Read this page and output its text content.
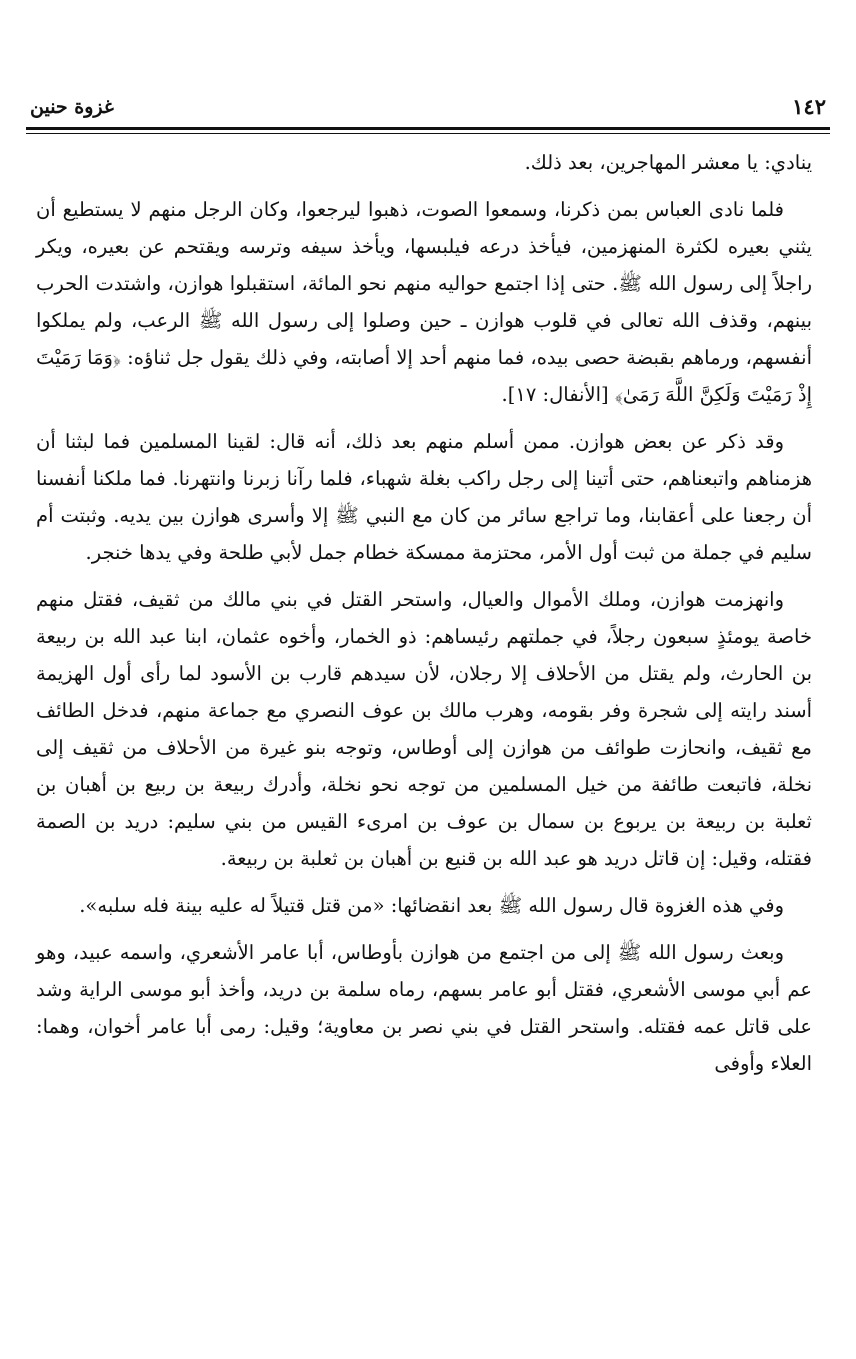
١٤٢
غزوة حنين

ينادي: يا معشر المهاجرين، بعد ذلك.

فلما نادى العباس بمن ذكرنا، وسمعوا الصوت، ذهبوا ليرجعوا، وكان الرجل منهم لا يستطيع أن يثني بعيره لكثرة المنهزمين، فيأخذ درعه فيلبسها، ويأخذ سيفه وترسه ويقتحم عن بعيره، ويكر راجلاً إلى رسول الله ﷺ. حتى إذا اجتمع حواليه منهم نحو المائة، استقبلوا هوازن، واشتدت الحرب بينهم، وقذف الله تعالى في قلوب هوازن ـ حين وصلوا إلى رسول الله ﷺ الرعب، ولم يملكوا أنفسهم، ورماهم بقبضة حصى بيده، فما منهم أحد إلا أصابته، وفي ذلك يقول جل ثناؤه: ﴿وَمَا رَمَيْتَ إِذْ رَمَيْتَ وَلَكِنَّ اللَّهَ رَمَىٰ﴾ [الأنفال: ١٧].

وقد ذكر عن بعض هوازن. ممن أسلم منهم بعد ذلك، أنه قال: لقينا المسلمين فما لبثنا أن هزمناهم واتبعناهم، حتى أتينا إلى رجل راكب بغلة شهباء، فلما رآنا زبرنا وانتهرنا. فما ملكنا أنفسنا أن رجعنا على أعقابنا، وما تراجع سائر من كان مع النبي ﷺ إلا وأسرى هوازن بين يديه. وثبتت أم سليم في جملة من ثبت أول الأمر، محتزمة ممسكة خطام جمل لأبي طلحة وفي يدها خنجر.

وانهزمت هوازن، وملك الأموال والعيال، واستحر القتل في بني مالك من ثقيف، فقتل منهم خاصة يومئذٍ سبعون رجلاً، في جملتهم رئيساهم: ذو الخمار، وأخوه عثمان، ابنا عبد الله بن ربيعة بن الحارث، ولم يقتل من الأحلاف إلا رجلان، لأن سيدهم قارب بن الأسود لما رأى أول الهزيمة أسند رايته إلى شجرة وفر بقومه، وهرب مالك بن عوف النصري مع جماعة منهم، فدخل الطائف مع ثقيف، وانحازت طوائف من هوازن إلى أوطاس، وتوجه بنو غيرة من الأحلاف من ثقيف إلى نخلة، فاتبعت طائفة من خيل المسلمين من توجه نحو نخلة، وأدرك ربيعة بن ربيع بن أهبان بن ثعلبة بن ربيعة بن يربوع بن سمال بن عوف بن امرىء القيس من بني سليم: دريد بن الصمة فقتله، وقيل: إن قاتل دريد هو عبد الله بن قنيع بن أهبان بن ثعلبة بن ربيعة.

وفي هذه الغزوة قال رسول الله ﷺ بعد انقضائها: «من قتل قتيلاً له عليه بينة فله سلبه».

وبعث رسول الله ﷺ إلى من اجتمع من هوازن بأوطاس، أبا عامر الأشعري، واسمه عبيد، وهو عم أبي موسى الأشعري، فقتل أبو عامر بسهم، رماه سلمة بن دريد، وأخذ أبو موسى الراية وشد على قاتل عمه فقتله. واستحر القتل في بني نصر بن معاوية؛ وقيل: رمى أبا عامر أخوان، وهما: العلاء وأوفى
